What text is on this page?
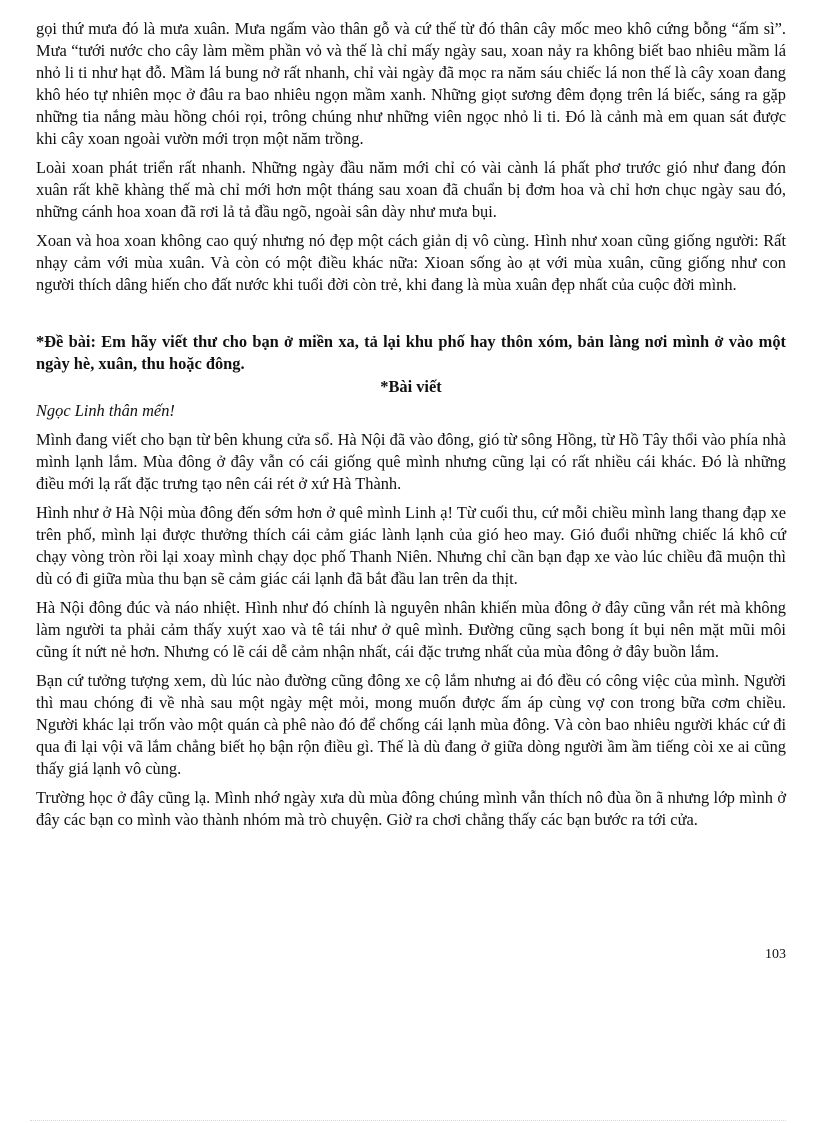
gọi thứ mưa đó là mưa xuân. Mưa ngấm vào thân gỗ và cứ thế từ đó thân cây mốc meo khô cứng bỗng “ấm sì”. Mưa “tưới nước cho cây làm mềm phần vỏ và thế là chỉ mấy ngày sau, xoan nảy ra không biết bao nhiêu mầm lá nhỏ li ti như hạt đỗ. Mầm lá bung nở rất nhanh, chỉ vài ngày đã mọc ra năm sáu chiếc lá non thế là cây xoan đang khô héo tự nhiên mọc ở đâu ra bao nhiêu ngọn mầm xanh. Những giọt sương đêm đọng trên lá biếc, sáng ra gặp những tia nắng màu hồng chói rọi, trông chúng như những viên ngọc nhỏ li ti. Đó là cảnh mà em quan sát được khi cây xoan ngoài vườn mới trọn một năm trồng.

Loài xoan phát triển rất nhanh. Những ngày đầu năm mới chỉ có vài cành lá phất phơ trước gió như đang đón xuân rất khẽ khàng thế mà chỉ mới hơn một tháng sau xoan đã chuẩn bị đơm hoa và chỉ hơn chục ngày sau đó, những cánh hoa xoan đã rơi lả tả đầu ngõ, ngoài sân dày như mưa bụi.

Xoan và hoa xoan không cao quý nhưng nó đẹp một cách giản dị vô cùng. Hình như xoan cũng giống người: Rất nhạy cảm với mùa xuân. Và còn có một điều khác nữa: Xioan sống ào ạt với mùa xuân, cũng giống như con người thích dâng hiến cho đất nước khi tuổi đời còn trẻ, khi đang là mùa xuân đẹp nhất của cuộc đời mình.

*Đề bài: Em hãy viết thư cho bạn ở miền xa, tả lại khu phố hay thôn xóm, bản làng nơi mình ở vào một ngày hè, xuân, thu hoặc đông.

*Bài viết

Ngọc Linh thân mến!

Mình đang viết cho bạn từ bên khung cửa sổ. Hà Nội đã vào đông, gió từ sông Hồng, từ Hồ Tây thổi vào phía nhà mình lạnh lắm. Mùa đông ở đây vẫn có cái giống quê mình nhưng cũng lại có rất nhiều cái khác. Đó là những điều mới lạ rất đặc trưng tạo nên cái rét ở xứ Hà Thành.

Hình như ở Hà Nội mùa đông đến sớm hơn ở quê mình Linh ạ! Từ cuối thu, cứ mỗi chiều mình lang thang đạp xe trên phố, mình lại được thưởng thích cái cảm giác lành lạnh của gió heo may. Gió đuổi những chiếc lá khô cứ chạy vòng tròn rồi lại xoay mình chạy dọc phố Thanh Niên. Nhưng chỉ cần bạn đạp xe vào lúc chiều đã muộn thì dù có đi giữa mùa thu bạn sẽ cảm giác cái lạnh đã bắt đầu lan trên da thịt.

Hà Nội đông đúc và náo nhiệt. Hình như đó chính là nguyên nhân khiến mùa đông ở đây cũng vẫn rét mà không làm người ta phải cảm thấy xuýt xao và tê tái như ở quê mình. Đường cũng sạch bong ít bụi nên mặt mũi môi cũng ít nứt nẻ hơn. Nhưng có lẽ cái dễ cảm nhận nhất, cái đặc trưng nhất của mùa đông ở đây buồn lắm.

Bạn cứ tưởng tượng xem, dù lúc nào đường cũng đông xe cộ lắm nhưng ai đó đều có công việc của mình. Người thì mau chóng đi về nhà sau một ngày mệt mỏi, mong muốn được ấm áp cùng vợ con trong bữa cơm chiều. Người khác lại trốn vào một quán cà phê nào đó để chống cái lạnh mùa đông. Và còn bao nhiêu người khác cứ đi qua đi lại vội vã lắm chẳng biết họ bận rộn điều gì. Thế là dù đang ở giữa dòng người ầm ầm tiếng còi xe ai cũng thấy giá lạnh vô cùng.

Trường học ở đây cũng lạ. Mình nhớ ngày xưa dù mùa đông chúng mình vẫn thích nô đùa ồn ã nhưng lớp mình ở đây các bạn co mình vào thành nhóm mà trò chuyện. Giờ ra chơi chẳng thấy các bạn bước ra tới cửa.

103
